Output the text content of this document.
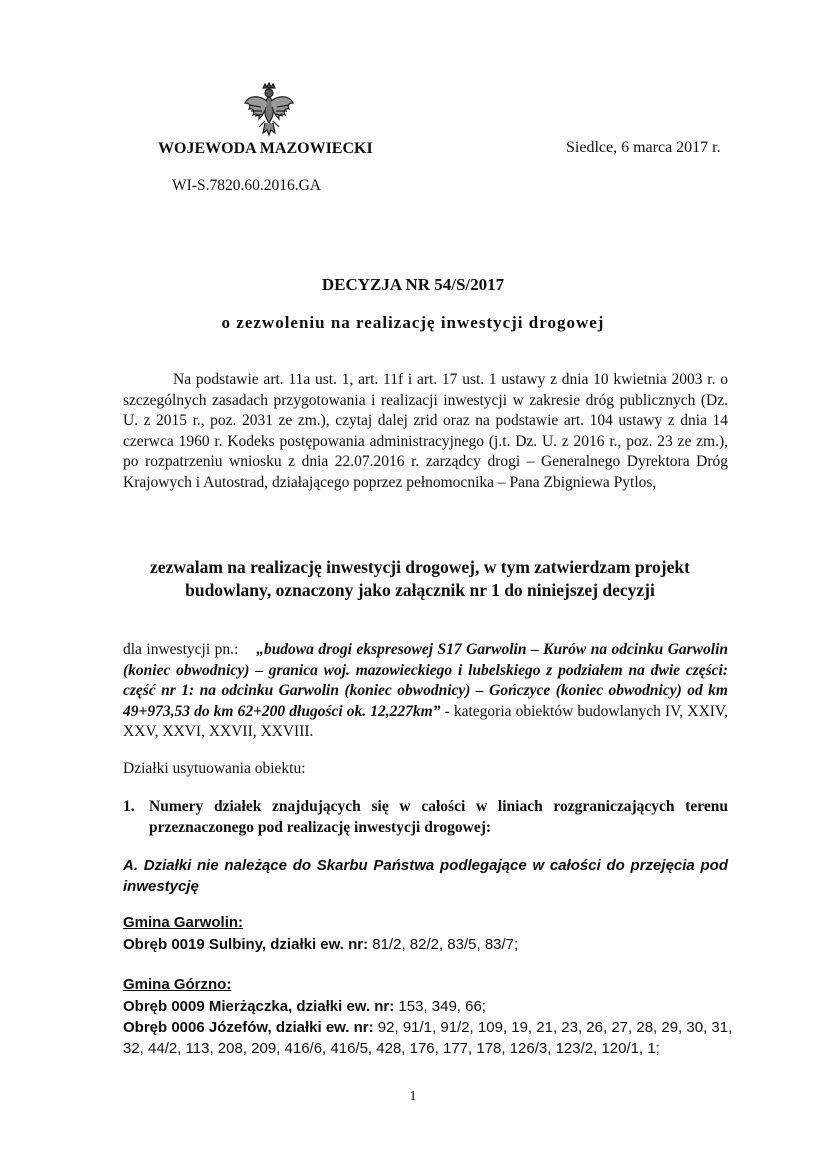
WOJEWODA MAZOWIECKI	Siedlce, 6 marca 2017 r.
WI-S.7820.60.2016.GA
DECYZJA NR 54/S/2017
o zezwoleniu na realizację inwestycji drogowej
Na podstawie art. 11a ust. 1, art. 11f i art. 17 ust. 1 ustawy z dnia 10 kwietnia 2003 r. o szczególnych zasadach przygotowania i realizacji inwestycji w zakresie dróg publicznych (Dz. U. z 2015 r., poz. 2031 ze zm.), czytaj dalej zrid oraz na podstawie art. 104 ustawy z dnia 14 czerwca 1960 r. Kodeks postępowania administracyjnego (j.t. Dz. U. z 2016 r., poz. 23 ze zm.), po rozpatrzeniu wniosku z dnia 22.07.2016 r. zarządcy drogi – Generalnego Dyrektora Dróg Krajowych i Autostrad, działającego poprzez pełnomocnika – Pana Zbigniewa Pytlos,
zezwalam na realizację inwestycji drogowej, w tym zatwierdzam projekt budowlany, oznaczony jako załącznik nr 1 do niniejszej decyzji
dla inwestycji pn.: „budowa drogi ekspresowej S17 Garwolin – Kurów na odcinku Garwolin (koniec obwodnicy) – granica woj. mazowieckiego i lubelskiego z podziałem na dwie części: część nr 1: na odcinku Garwolin (koniec obwodnicy) – Gończyce (koniec obwodnicy) od km 49+973,53 do km 62+200 długości ok. 12,227km” - kategoria obiektów budowlanych IV, XXIV, XXV, XXVI, XXVII, XXVIII.
Działki usytuowania obiektu:
1. Numery działek znajdujących się w całości w liniach rozgraniczających terenu przeznaczonego pod realizację inwestycji drogowej:
A. Działki nie należące do Skarbu Państwa podlegające w całości do przejęcia pod inwestycję
Gmina Garwolin:
Obręb 0019 Sulbiny, działki ew. nr: 81/2, 82/2, 83/5, 83/7;
Gmina Górzno:
Obręb 0009 Mierżączka, działki ew. nr: 153, 349, 66;
Obręb 0006 Józefów, działki ew. nr: 92, 91/1, 91/2, 109, 19, 21, 23, 26, 27, 28, 29, 30, 31, 32, 44/2, 113, 208, 209, 416/6, 416/5, 428, 176, 177, 178, 126/3, 123/2, 120/1, 1;
1
